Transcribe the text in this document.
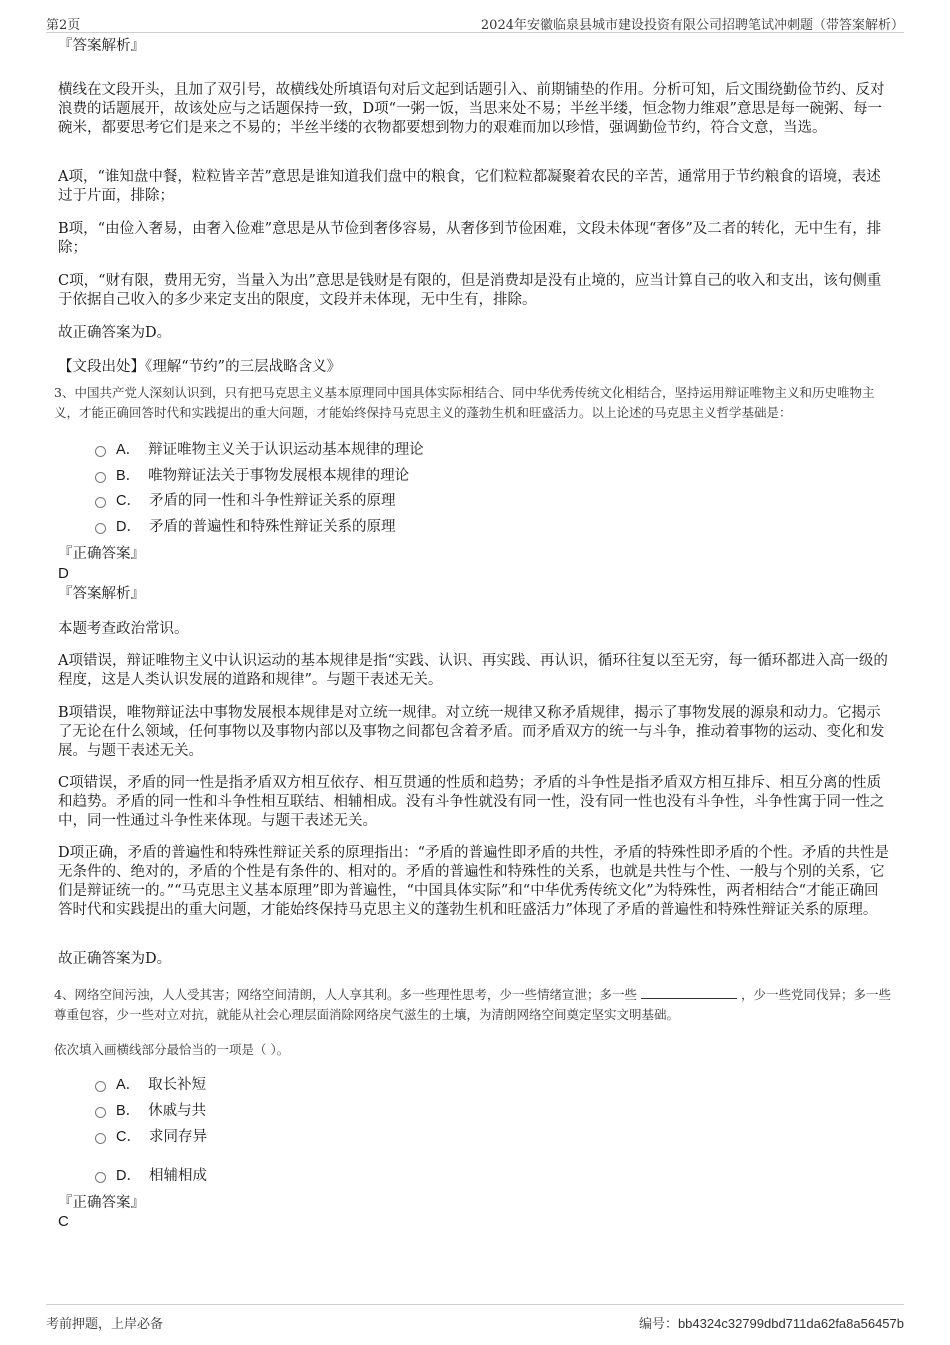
第2页	2024年安徽临泉县城市建设投资有限公司招聘笔试冲刺题（带答案解析）
『答案解析』

横线在文段开头，且加了双引号，故横线处所填语句对后文起到话题引入、前期铺垫的作用。分析可知，后文围绕勤俭节约、反对浪费的话题展开，故该处应与之话题保持一致，D项“一粥一饭，当思来处不易；半丝半缕，恒念物力维艰”意思是每一碗粥、每一碗米，都要思考它们是来之不易的；半丝半缕的衣物都要想到物力的艰难而加以珍惜，强调勤俭节约，符合文意，当选。

A项，“谁知盘中餐，粒粒皆辛苦”意思是谁知道我们盘中的粮食，它们粒粒都凝聚着农民的辛苦，通常用于节约粮食的语境，表述过于片面，排除；

B项，“由俭入奢易，由奢入俭难”意思是从节俭到奢侈容易，从奢侈到节俭困难，文段未体现“奢侈”及二者的转化，无中生有，排除；

C项，“财有限，费用无穷，当量入为出”意思是钱财是有限的，但是消费却是没有止境的，应当计算自己的收入和支出，该句侧重于依据自己收入的多少来定支出的限度，文段并未体现，无中生有，排除。

故正确答案为D。

【文段出处】《理解“节约”的三层战略含义》

3、中国共产党人深刻认识到，只有把马克思主义基本原理同中国具体实际相结合、同中华优秀传统文化相结合，坚持运用辩证唯物主义和历史唯物主义，才能正确回答时代和实践提出的重大问题，才能始终保持马克思主义的蓬勃生机和旺盛活力。以上论述的马克思主义哲学基础是：

A． 辩证唯物主义关于认识运动基本规律的理论
B． 唯物辩证法关于事物发展根本规律的理论
C． 矛盾的同一性和斗争性辩证关系的原理
D． 矛盾的普遍性和特殊性辩证关系的原理
『正确答案』
D
『答案解析』

本题考查政治常识。

A项错误，辩证唯物主义中认识运动的基本规律是指“实践、认识、再实践、再认识，循环往复以至无穷，每一循环都进入高一级的程度，这是人类认识发展的道路和规律”。与题干表述无关。

B项错误，唯物辩证法中事物发展根本规律是对立统一规律。对立统一规律又称矛盾规律，揭示了事物发展的源泉和动力。它揭示了无论在什么领域，任何事物以及事物内部以及事物之间都包含着矛盾。而矛盾双方的统一与斗争，推动着事物的运动、变化和发展。与题干表述无关。

C项错误，矛盾的同一性是指矛盾双方相互依存、相互贯通的性质和趋势；矛盾的斗争性是指矛盾双方相互排斥、相互分离的性质和趋势。矛盾的同一性和斗争性相互联结、相辅相成。没有斗争性就没有同一性，没有同一性也没有斗争性，斗争性寓于同一性之中，同一性通过斗争性来体现。与题干表述无关。

D项正确，矛盾的普遍性和特殊性辩证关系的原理指出：“矛盾的普遍性即矛盾的共性，矛盾的特殊性即矛盾的个性。矛盾的共性是无条件的、绝对的，矛盾的个性是有条件的、相对的。矛盾的普遍性和特殊性的关系，也就是共性与个性、一般与个别的关系，它们是辩证统一的。”“马克思主义基本原理”即为普遍性，“中国具体实际”和“中华优秀传统文化”为特殊性，两者相结合“才能正确回答时代和实践提出的重大问题，才能始终保持马克思主义的蓬勃生机和旺盛活力”体现了矛盾的普遍性和特殊性辩证关系的原理。

故正确答案为D。

4、网络空间污浊，人人受其害；网络空间清朗，人人享其利。多一些理性思考，少一些情绪宣泄；多一些	，少一些党同伐异；多一些尊重包容，少一些对立对抗，就能从社会心理层面消除网络戾气滋生的土壤，为清朗网络空间奠定坚实文明基础。

依次填入画横线部分最恰当的一项是（ ）。

A． 取长补短
B． 休戚与共
C． 求同存异
D． 相辅相成
『正确答案』
C
考前押题，上岸必备	编号：bb4324c32799dbd711da62fa8a56457b
